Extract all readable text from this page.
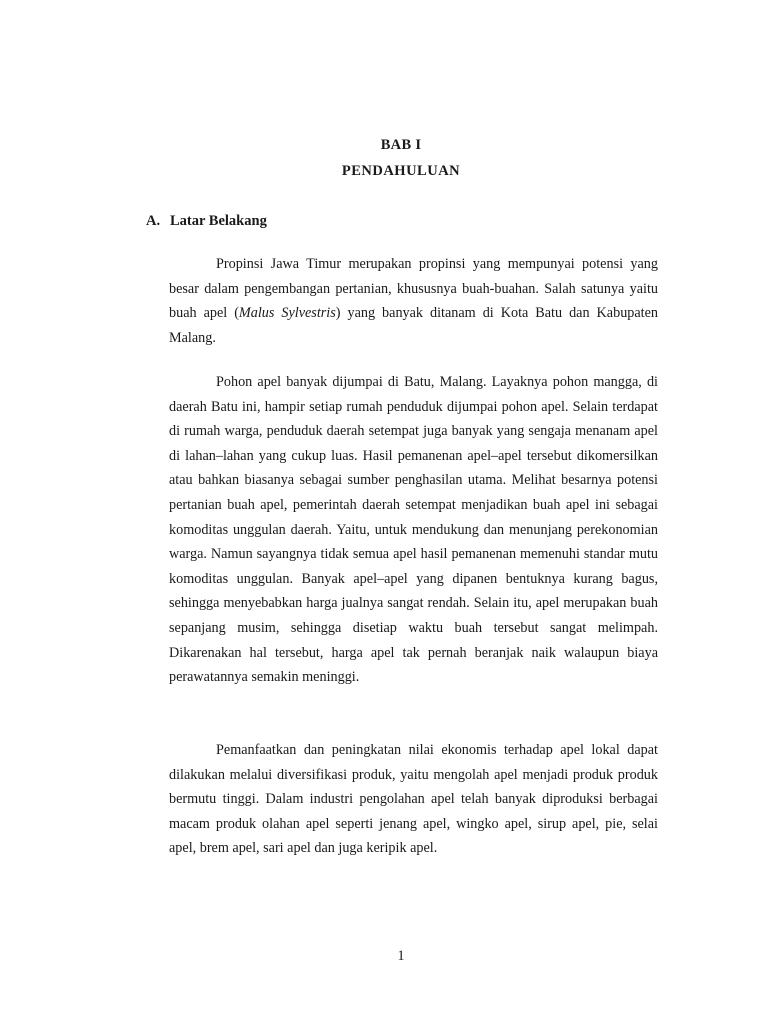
BAB I
PENDAHULUAN
A. Latar Belakang

Propinsi Jawa Timur merupakan propinsi yang mempunyai potensi yang besar dalam pengembangan pertanian, khususnya buah-buahan. Salah satunya yaitu buah apel (Malus Sylvestris) yang banyak ditanam di Kota Batu dan Kabupaten Malang.

Pohon apel banyak dijumpai di Batu, Malang. Layaknya pohon mangga, di daerah Batu ini, hampir setiap rumah penduduk dijumpai pohon apel. Selain terdapat di rumah warga, penduduk daerah setempat juga banyak yang sengaja menanam apel di lahan–lahan yang cukup luas. Hasil pemanenan apel–apel tersebut dikomersilkan atau bahkan biasanya sebagai sumber penghasilan utama. Melihat besarnya potensi pertanian buah apel, pemerintah daerah setempat menjadikan buah apel ini sebagai komoditas unggulan daerah. Yaitu, untuk mendukung dan menunjang perekonomian warga. Namun sayangnya tidak semua apel hasil pemanenan memenuhi standar mutu komoditas unggulan. Banyak apel–apel yang dipanen bentuknya kurang bagus, sehingga menyebabkan harga jualnya sangat rendah. Selain itu, apel merupakan buah sepanjang musim, sehingga disetiap waktu buah tersebut sangat melimpah. Dikarenakan hal tersebut, harga apel tak pernah beranjak naik walaupun biaya perawatannya semakin meninggi.

Pemanfaatkan dan peningkatan nilai ekonomis terhadap apel lokal dapat dilakukan melalui diversifikasi produk, yaitu mengolah apel menjadi produk produk bermutu tinggi. Dalam industri pengolahan apel telah banyak diproduksi berbagai macam produk olahan apel seperti jenang apel, wingko apel, sirup apel, pie, selai apel, brem apel, sari apel dan juga keripik apel.

1
